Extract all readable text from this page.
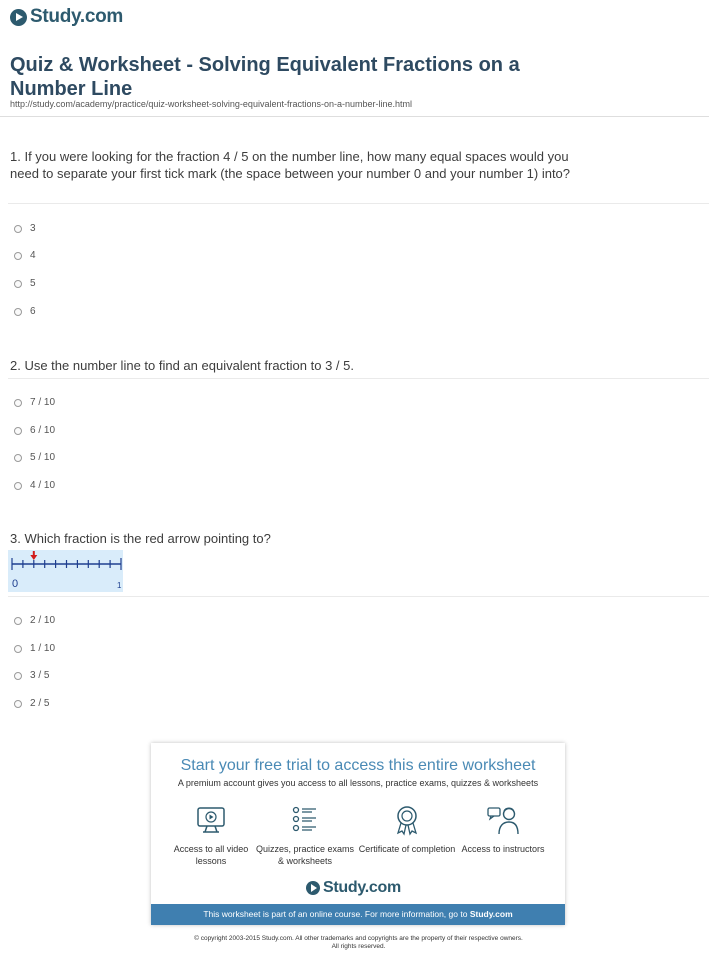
Study.com
Quiz & Worksheet - Solving Equivalent Fractions on a Number Line
http://study.com/academy/practice/quiz-worksheet-solving-equivalent-fractions-on-a-number-line.html

1. If you were looking for the fraction 4 / 5 on the number line, how many equal spaces would you need to separate your first tick mark (the space between your number 0 and your number 1) into?

3
4
5
6

2. Use the number line to find an equivalent fraction to 3 / 5.

7 / 10
6 / 10
5 / 10
4 / 10

3. Which fraction is the red arrow pointing to?

0	1
2 / 10
1 / 10
3 / 5
2 / 5
Start your free trial to access this entire worksheet
A premium account gives you access to all lessons, practice exams, quizzes & worksheets
Access to all video lessons
Quizzes, practice exams & worksheets
Certificate of completion Access to instructors
Study.com
This worksheet is part of an online course. For more information, go to Study.com
© copyright 2003-2015 Study.com. All other trademarks and copyrights are the property of their respective owners.
All rights reserved.
